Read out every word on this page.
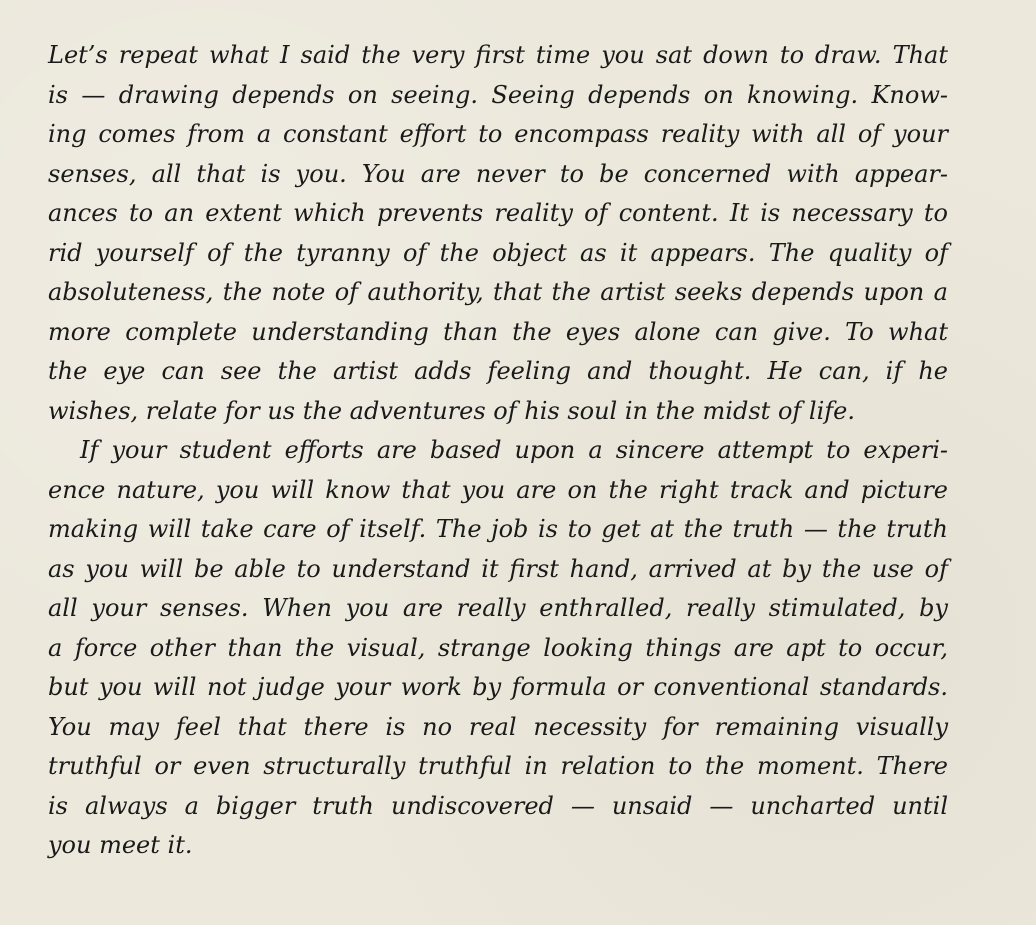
Let’s repeat what I said the very first time you sat down to draw. That
is — drawing depends on seeing. Seeing depends on knowing. Know-
ing comes from a constant effort to encompass reality with all of your
senses, all that is you. You are never to be concerned with appear-
ances to an extent which prevents reality of content. It is necessary to
rid yourself of the tyranny of the object as it appears. The quality of
absoluteness, the note of authority, that the artist seeks depends upon a
more complete understanding than the eyes alone can give. To what
the eye can see the artist adds feeling and thought. He can, if he
wishes, relate for us the adventures of his soul in the midst of life.
If your student efforts are based upon a sincere attempt to experi-
ence nature, you will know that you are on the right track and picture
making will take care of itself. The job is to get at the truth — the truth
as you will be able to understand it first hand, arrived at by the use of
all your senses. When you are really enthralled, really stimulated, by
a force other than the visual, strange looking things are apt to occur,
but you will not judge your work by formula or conventional standards.
You may feel that there is no real necessity for remaining visually
truthful or even structurally truthful in relation to the moment. There
is always a bigger truth undiscovered — unsaid — uncharted until
you meet it.
